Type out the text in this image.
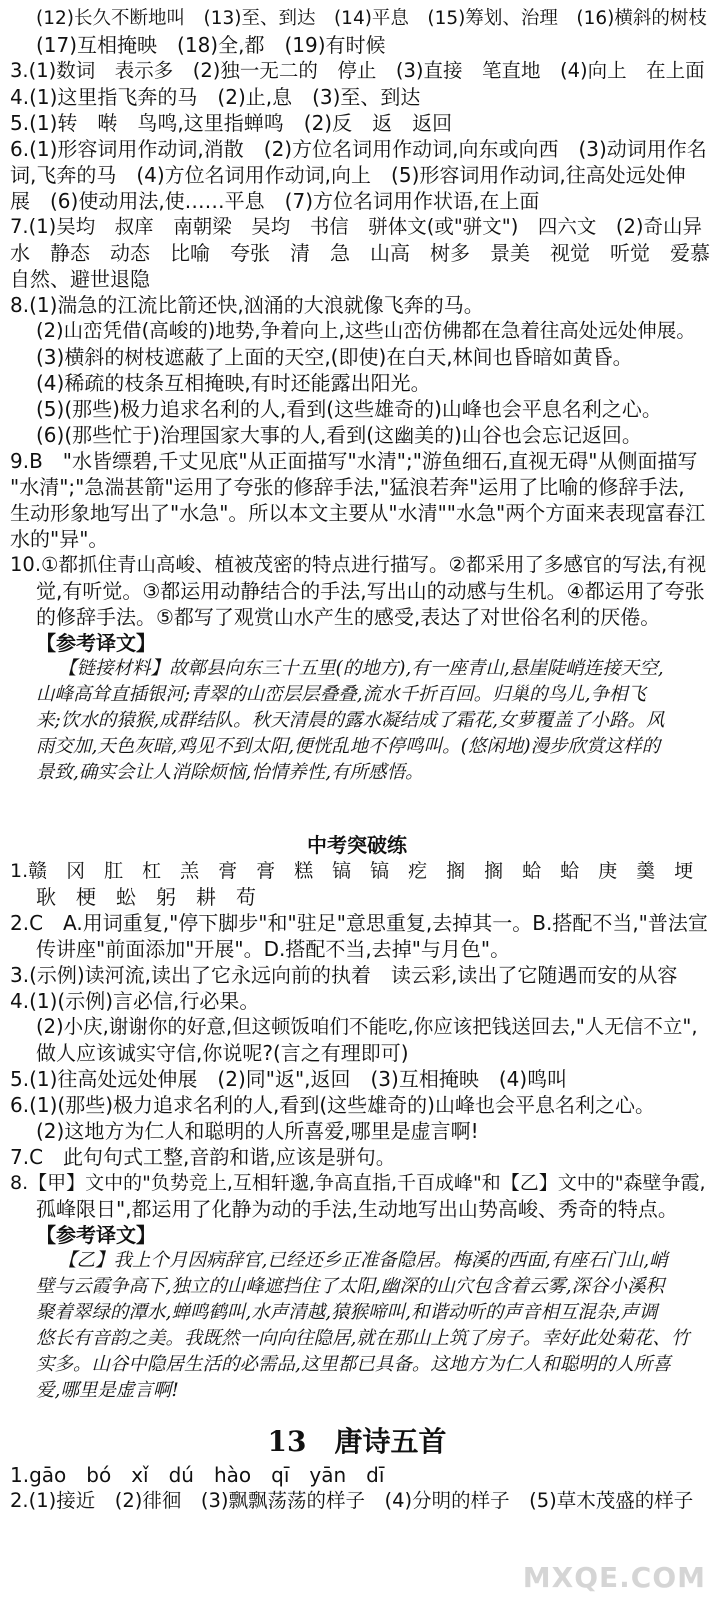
中考突破练
13　唐诗五首
MXQE.COM
(12)长久不断地叫　(13)至、到达　(14)平息　(15)筹划、治理　(16)横斜的树枝
(17)互相掩映　(18)全,都　(19)有时候
3.(1)数词　表示多　(2)独一无二的　停止　(3)直接　笔直地　(4)向上　在上面
4.(1)这里指飞奔的马　(2)止,息　(3)至、到达
5.(1)转　啭　鸟鸣,这里指蝉鸣　(2)反　返　返回
6.(1)形容词用作动词,消散　(2)方位名词用作动词,向东或向西　(3)动词用作名
词,飞奔的马　(4)方位名词用作动词,向上　(5)形容词用作动词,往高处远处伸
展　(6)使动用法,使……平息　(7)方位名词用作状语,在上面
7.(1)吴均　叔庠　南朝梁　吴均　书信　骈体文(或"骈文")　四六文　(2)奇山异
水　静态　动态　比喻　夸张　清　急　山高　树多　景美　视觉　听觉　爱慕
自然、避世退隐
8.(1)湍急的江流比箭还快,汹涌的大浪就像飞奔的马。
(2)山峦凭借(高峻的)地势,争着向上,这些山峦仿佛都在急着往高处远处伸展。
(3)横斜的树枝遮蔽了上面的天空,(即使)在白天,林间也昏暗如黄昏。
(4)稀疏的枝条互相掩映,有时还能露出阳光。
(5)(那些)极力追求名利的人,看到(这些雄奇的)山峰也会平息名利之心。
(6)(那些忙于)治理国家大事的人,看到(这幽美的)山谷也会忘记返回。
9.B　"水皆缥碧,千丈见底"从正面描写"水清";"游鱼细石,直视无碍"从侧面描写
"水清";"急湍甚箭"运用了夸张的修辞手法,"猛浪若奔"运用了比喻的修辞手法,
生动形象地写出了"水急"。所以本文主要从"水清""水急"两个方面来表现富春江
水的"异"。
10.①都抓住青山高峻、植被茂密的特点进行描写。②都采用了多感官的写法,有视
觉,有听觉。③都运用动静结合的手法,写出山的动感与生机。④都运用了夸张
的修辞手法。⑤都写了观赏山水产生的感受,表达了对世俗名利的厌倦。
【参考译文】
【链接材料】故鄣县向东三十五里(的地方),有一座青山,悬崖陡峭连接天空,
山峰高耸直插银河;青翠的山峦层层叠叠,流水千折百回。归巢的鸟儿,争相飞
来;饮水的猿猴,成群结队。秋天清晨的露水凝结成了霜花,女萝覆盖了小路。风
雨交加,天色灰暗,鸡见不到太阳,便恍乱地不停鸣叫。(悠闲地)漫步欣赏这样的
景致,确实会让人消除烦恼,怡情养性,有所感悟。
1.赣　冈　肛　杠　羔　膏　膏　糕　镐　镐　疙　搁　搁　蛤　蛤　庚　羹　埂
耿　梗　蚣　躬　耕　苟
2.C　A.用词重复,"停下脚步"和"驻足"意思重复,去掉其一。B.搭配不当,"普法宣
传讲座"前面添加"开展"。D.搭配不当,去掉"与月色"。
3.(示例)读河流,读出了它永远向前的执着　读云彩,读出了它随遇而安的从容
4.(1)(示例)言必信,行必果。
(2)小庆,谢谢你的好意,但这顿饭咱们不能吃,你应该把钱送回去,"人无信不立",
做人应该诚实守信,你说呢?(言之有理即可)
5.(1)往高处远处伸展　(2)同"返",返回　(3)互相掩映　(4)鸣叫
6.(1)(那些)极力追求名利的人,看到(这些雄奇的)山峰也会平息名利之心。
(2)这地方为仁人和聪明的人所喜爱,哪里是虚言啊!
7.C　此句句式工整,音韵和谐,应该是骈句。
8.【甲】文中的"负势竞上,互相轩邈,争高直指,千百成峰"和【乙】文中的"森壁争霞,
孤峰限日",都运用了化静为动的手法,生动地写出山势高峻、秀奇的特点。
【参考译文】
【乙】我上个月因病辞官,已经还乡正准备隐居。梅溪的西面,有座石门山,峭
壁与云霞争高下,独立的山峰遮挡住了太阳,幽深的山穴包含着云雾,深谷小溪积
聚着翠绿的潭水,蝉鸣鹤叫,水声清越,猿猴啼叫,和谐动听的声音相互混杂,声调
悠长有音韵之美。我既然一向向往隐居,就在那山上筑了房子。幸好此处菊花、竹
实多。山谷中隐居生活的必需品,这里都已具备。这地方为仁人和聪明的人所喜
爱,哪里是虚言啊!
1.gāo　bó　xǐ　dú　hào　qī　yān　dī
2.(1)接近　(2)徘徊　(3)飘飘荡荡的样子　(4)分明的样子　(5)草木茂盛的样子
